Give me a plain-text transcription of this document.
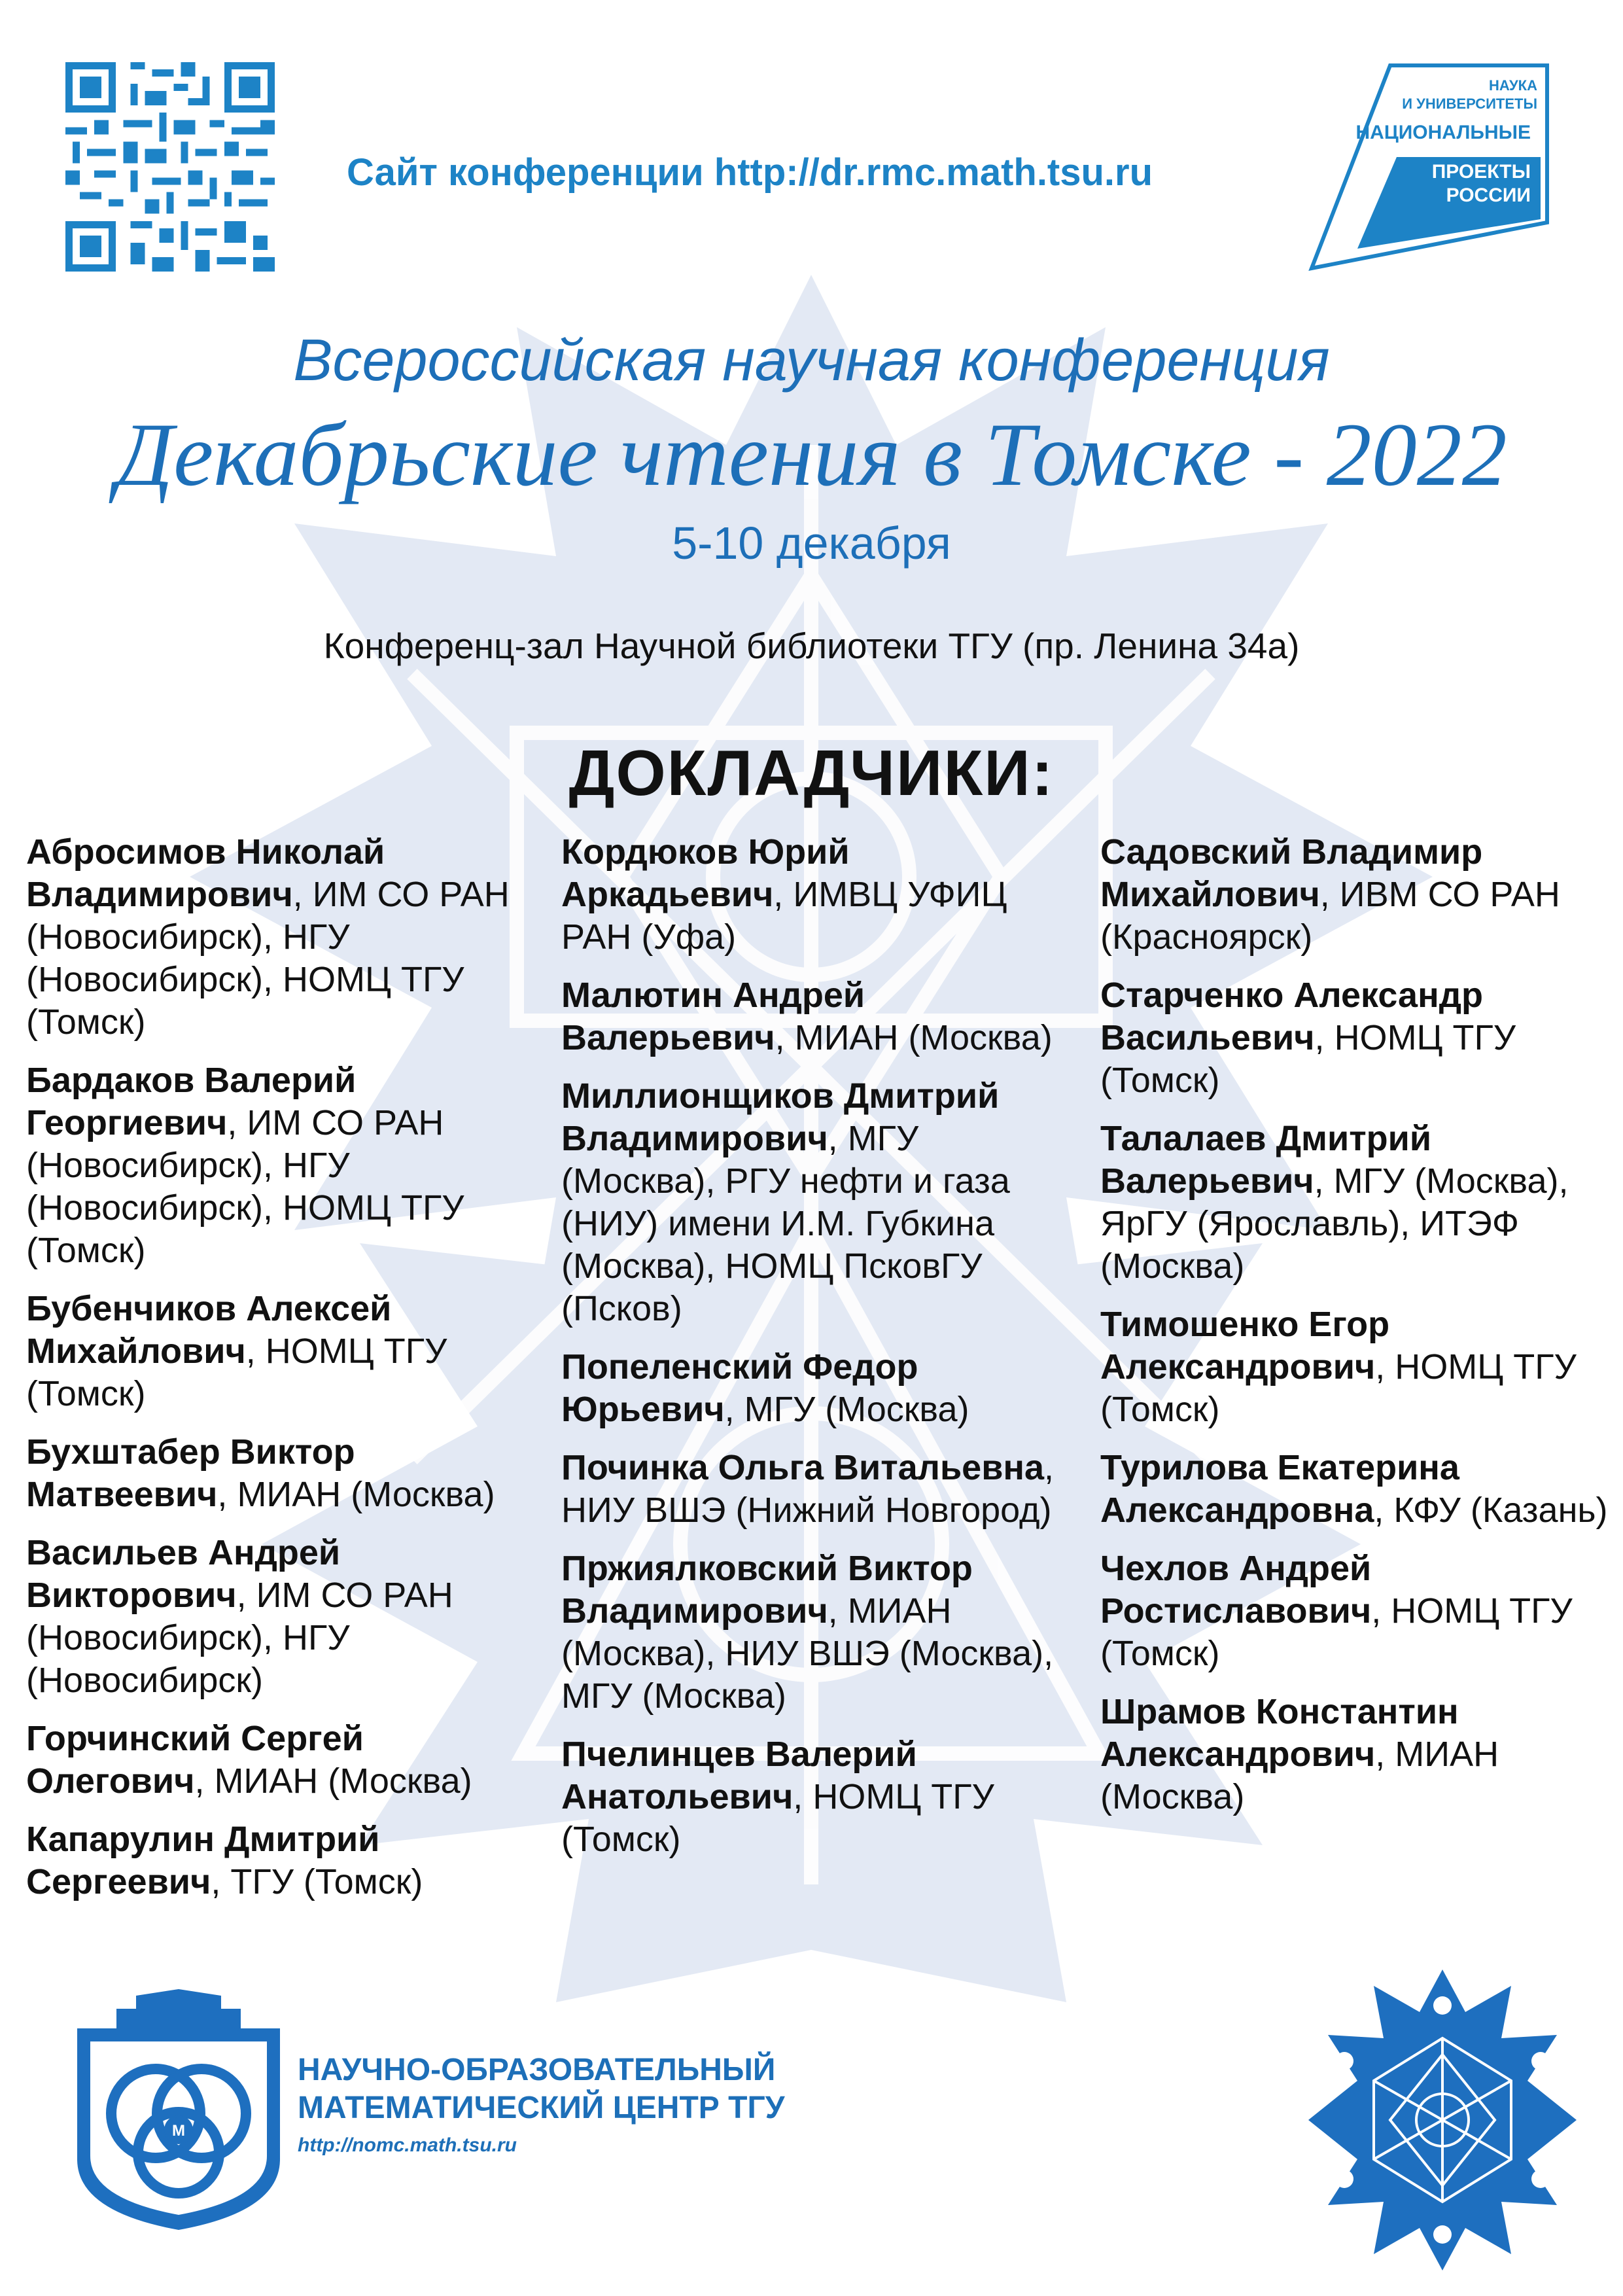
Сайт конференции http://dr.rmc.math.tsu.ru
НАУКА
И УНИВЕРСИТЕТЫ
НАЦИОНАЛЬНЫЕ
ПРОЕКТЫ
РОССИИ
Всероссийская научная конференция
Декабрьские чтения в Томске - 2022
5-10 декабря
Конференц-зал Научной библиотеки ТГУ (пр. Ленина 34а)
ДОКЛАДЧИКИ:

Абросимов Николай Владимирович, ИМ СО РАН (Новосибирск), НГУ (Новосибирск), НОМЦ ТГУ (Томск)

Бардаков Валерий Георгиевич, ИМ СО РАН (Новосибирск), НГУ (Новосибирск), НОМЦ ТГУ (Томск)

Бубенчиков Алексей Михайлович, НОМЦ ТГУ (Томск)

Бухштабер Виктор Матвеевич, МИАН (Москва)

Васильев Андрей Викторович, ИМ СО РАН (Новосибирск), НГУ (Новосибирск)

Горчинский Сергей Олегович, МИАН (Москва)

Капарулин Дмитрий Сергеевич, ТГУ (Томск)

Кордюков Юрий Аркадьевич, ИМВЦ УФИЦ РАН (Уфа)

Малютин Андрей Валерьевич, МИАН (Москва)

Миллионщиков Дмитрий Владимирович, МГУ (Москва), РГУ нефти и газа (НИУ) имени И.М. Губкина (Москва), НОМЦ ПсковГУ (Псков)

Попеленский Федор Юрьевич, МГУ (Москва)

Починка Ольга Витальевна, НИУ ВШЭ (Нижний Новгород)

Пржиялковский Виктор Владимирович, МИАН (Москва), НИУ ВШЭ (Москва), МГУ (Москва)

Пчелинцев Валерий Анатольевич, НОМЦ ТГУ (Томск)

Садовский Владимир Михайлович, ИВМ СО РАН (Красноярск)

Старченко Александр Васильевич, НОМЦ ТГУ (Томск)

Талалаев Дмитрий Валерьевич, МГУ (Москва), ЯрГУ (Ярославль), ИТЭФ (Москва)

Тимошенко Егор Александрович, НОМЦ ТГУ (Томск)

Турилова Екатерина Александровна, КФУ (Казань)

Чехлов Андрей Ростиславович, НОМЦ ТГУ (Томск)

Шрамов Константин Александрович, МИАН (Москва)

M
НАУЧНО-ОБРАЗОВАТЕЛЬНЫЙ
МАТЕМАТИЧЕСКИЙ ЦЕНТР ТГУ
http://nomc.math.tsu.ru
